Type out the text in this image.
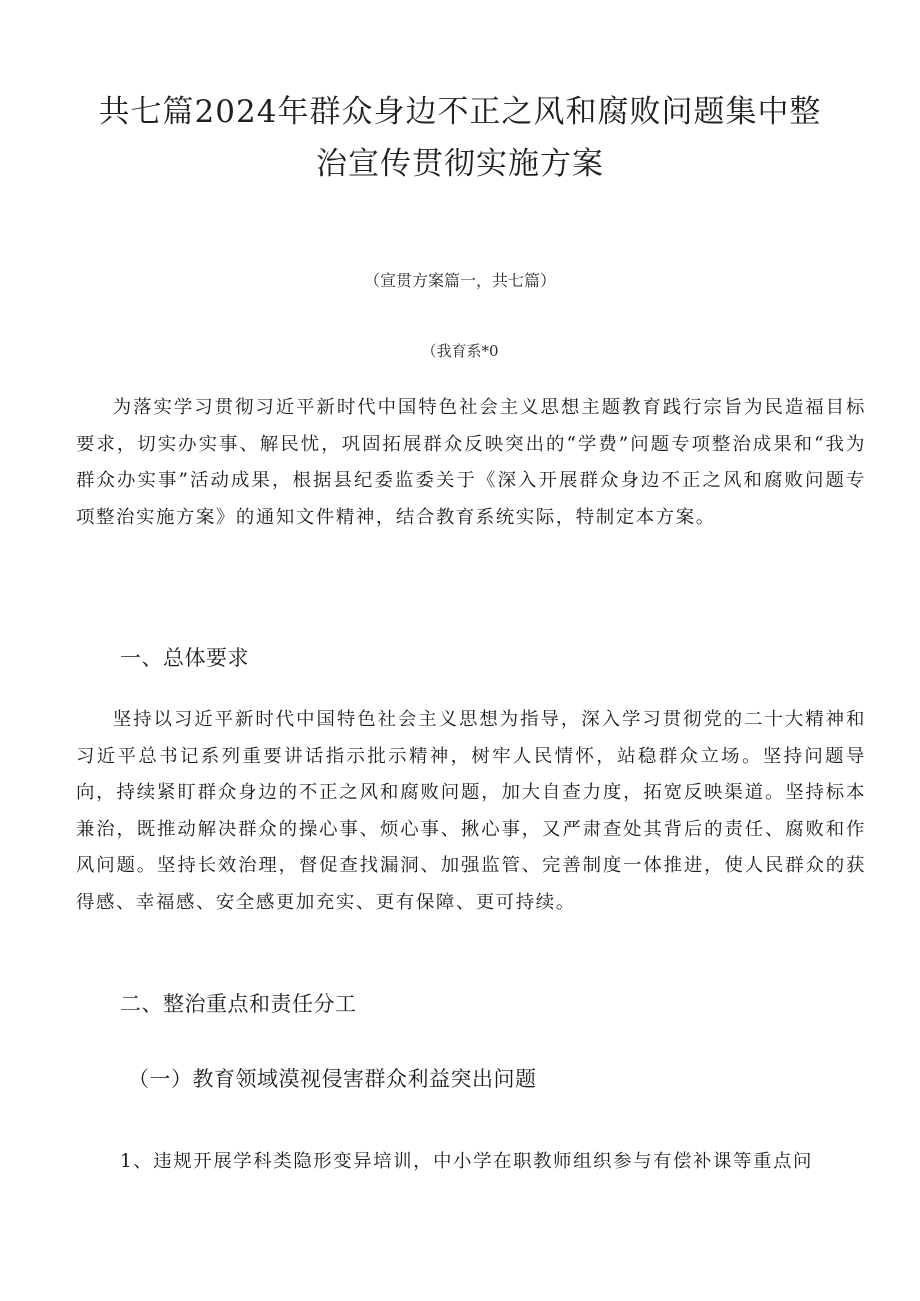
共七篇2024年群众身边不正之风和腐败问题集中整
治宣传贯彻实施方案
（宣贯方案篇一，共七篇）
（我育系*0

为落实学习贯彻习近平新时代中国特色社会主义思想主题教育践行宗旨为民造福目标要求，切实办实事、解民忧，巩固拓展群众反映突出的“学费”问题专项整治成果和“我为群众办实事”活动成果，根据县纪委监委关于《深入开展群众身边不正之风和腐败问题专项整治实施方案》的通知文件精神，结合教育系统实际，特制定本方案。

一、总体要求

坚持以习近平新时代中国特色社会主义思想为指导，深入学习贯彻党的二十大精神和习近平总书记系列重要讲话指示批示精神，树牢人民情怀，站稳群众立场。坚持问题导向，持续紧盯群众身边的不正之风和腐败问题，加大自查力度，拓宽反映渠道。坚持标本兼治，既推动解决群众的操心事、烦心事、揪心事，又严肃查处其背后的责任、腐败和作风问题。坚持长效治理，督促查找漏洞、加强监管、完善制度一体推进，使人民群众的获得感、幸福感、安全感更加充实、更有保障、更可持续。

二、整治重点和责任分工
（一）教育领域漠视侵害群众利益突出问题
1、违规开展学科类隐形变异培训，中小学在职教师组织参与有偿补课等重点问
